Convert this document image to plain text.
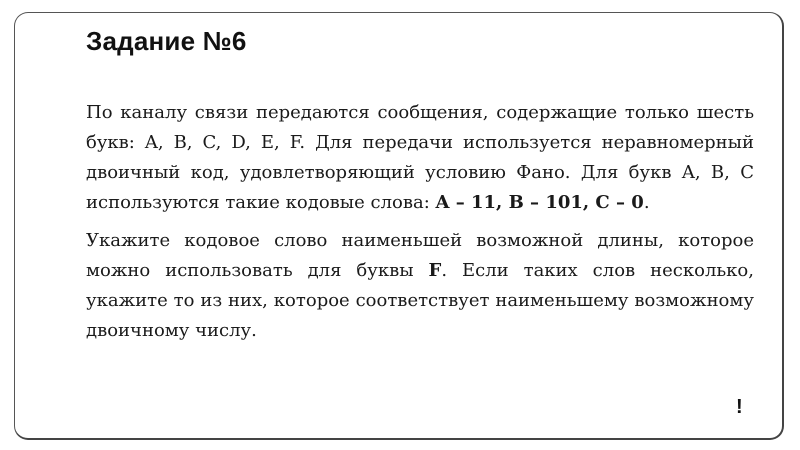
Задание №6

По каналу связи передаются сообщения, содержащие только шесть букв: A, B, C, D, E, F. Для передачи используется неравномерный двоичный код, удовлетворяющий условию Фано. Для букв A, B, C используются такие кодовые слова: A – 11, B – 101, C – 0.

Укажите кодовое слово наименьшей возможной длины, которое можно использовать для буквы F. Если таких слов несколько, укажите то из них, которое соответствует наименьшему возможному двоичному числу.

!
